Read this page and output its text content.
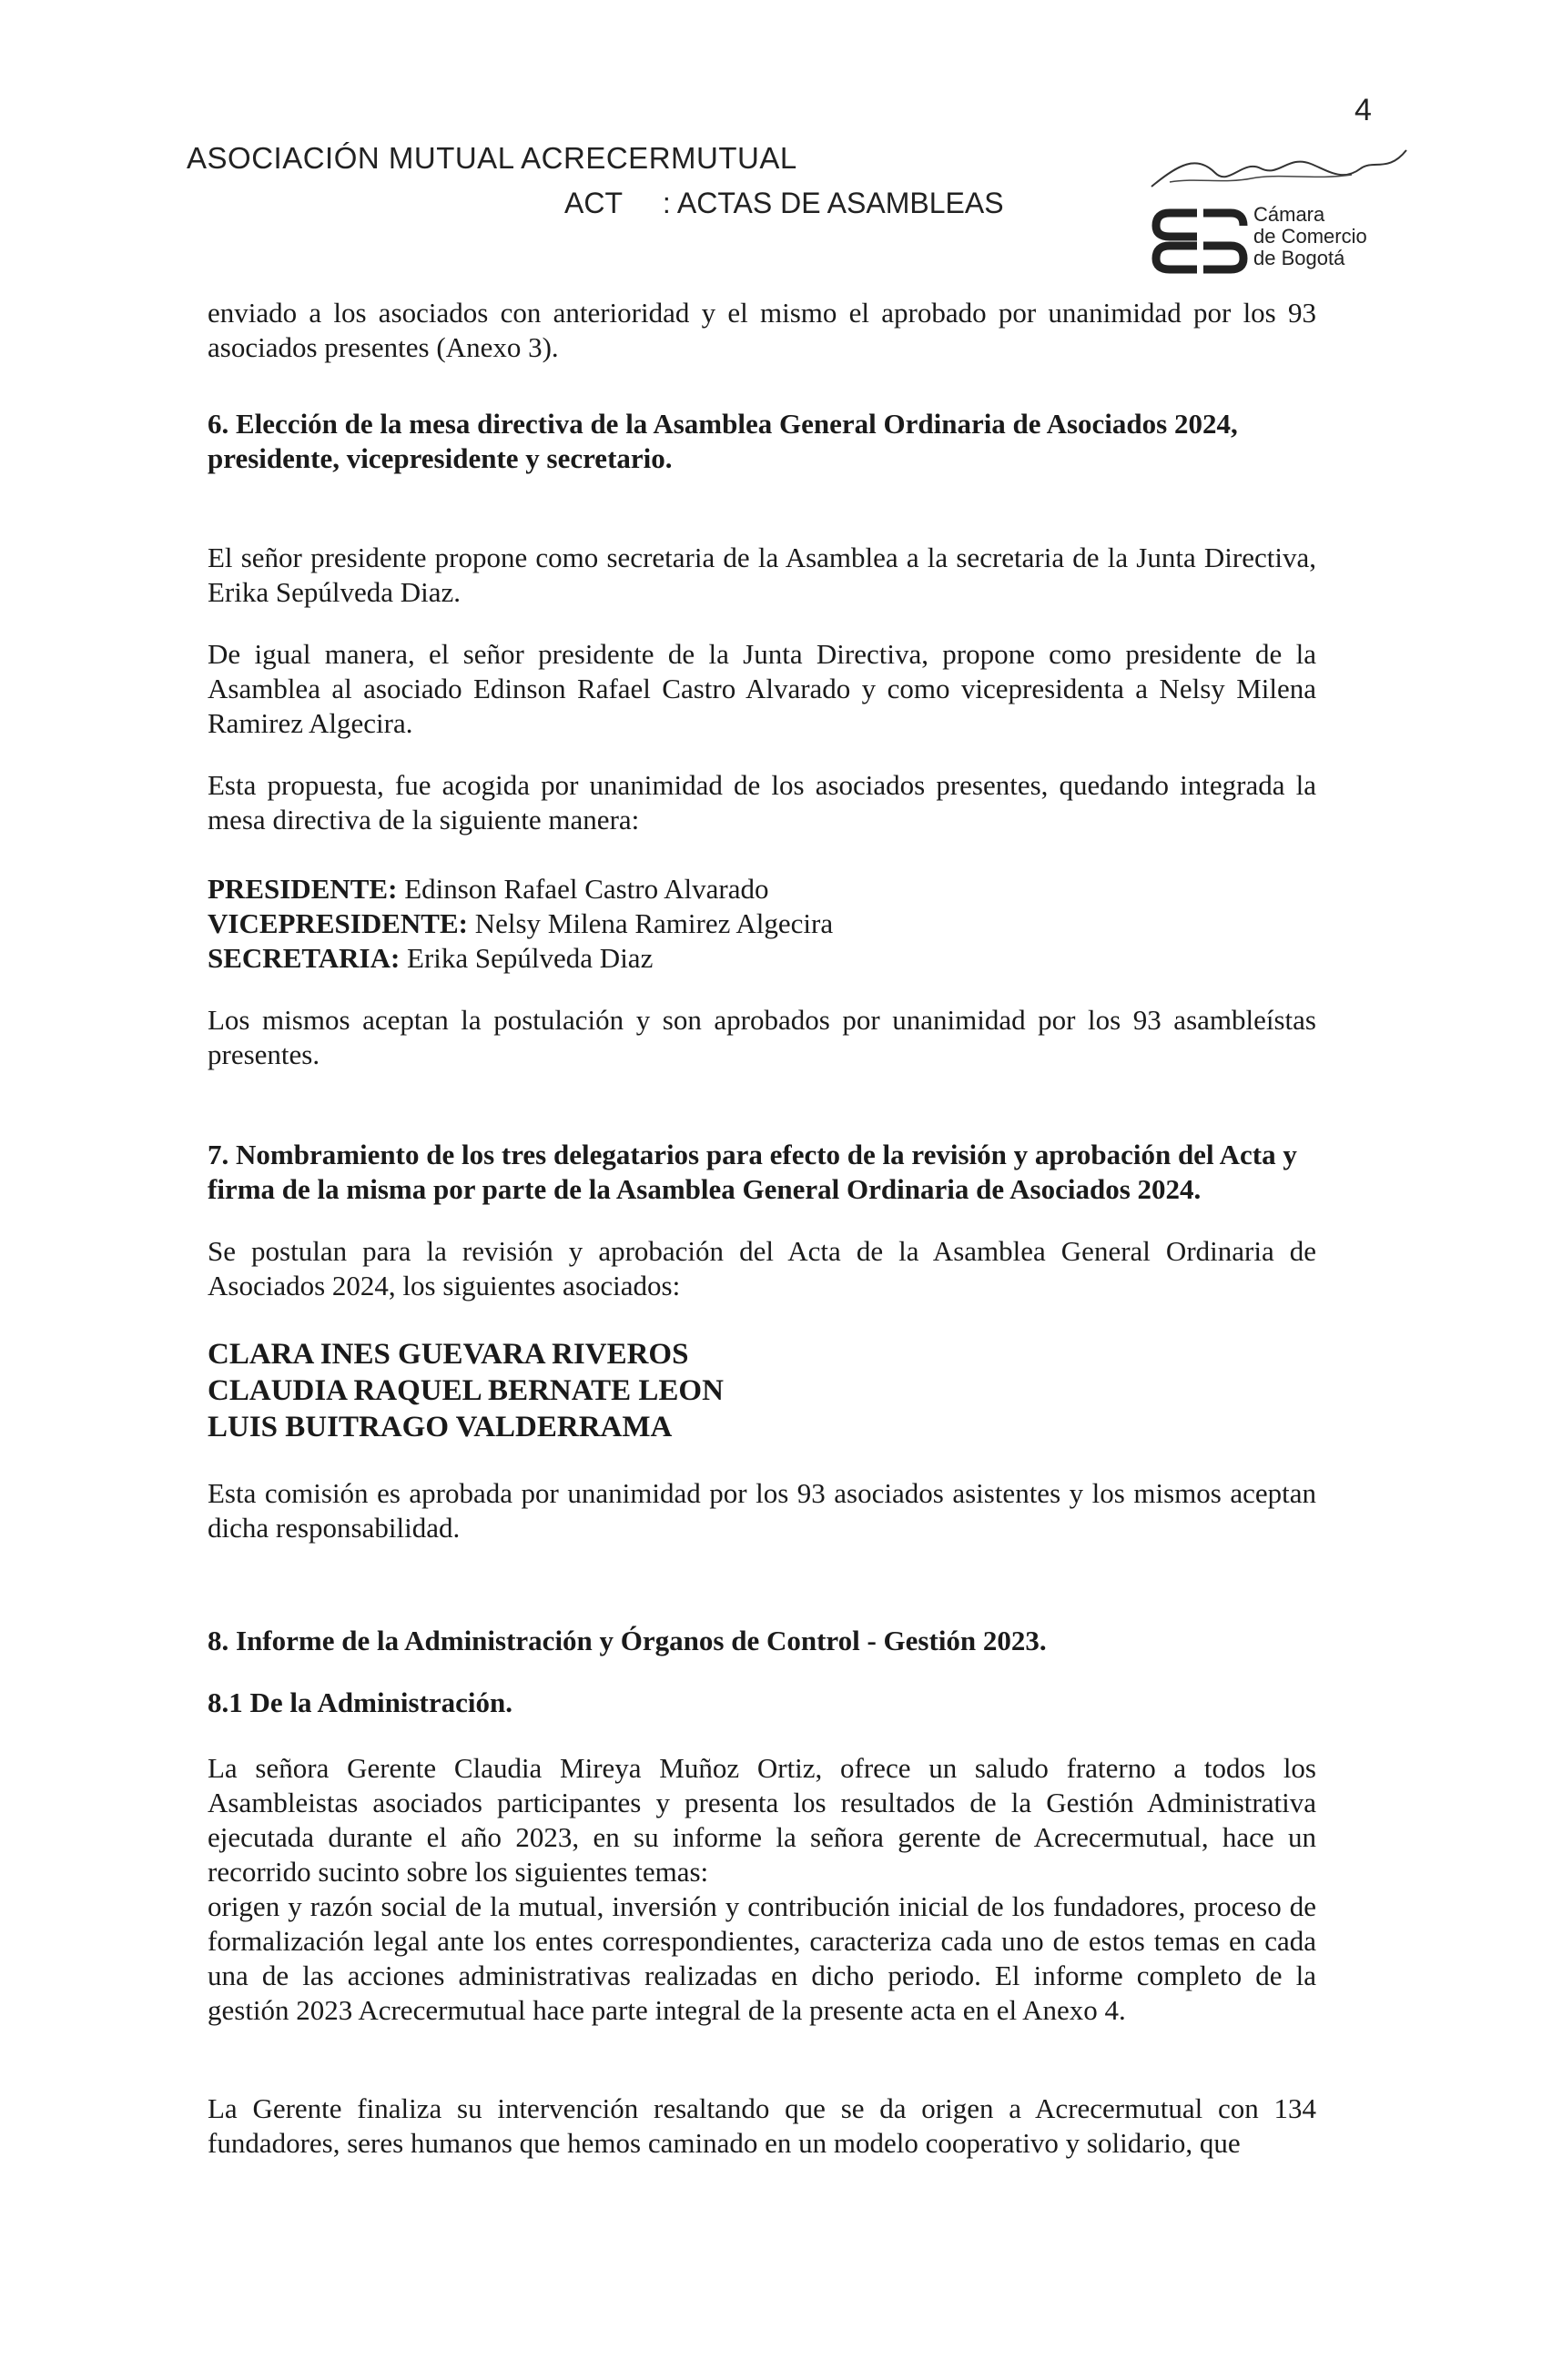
4
ASOCIACIÓN MUTUAL ACRECERMUTUAL
ACT : ACTAS DE ASAMBLEAS	Cámara
de Comercio
de Bogotá

enviado a los asociados con anterioridad y el mismo el aprobado por unanimidad por los 93 asociados presentes (Anexo 3).

6. Elección de la mesa directiva de la Asamblea General Ordinaria de Asociados 2024, presidente, vicepresidente y secretario.

El señor presidente propone como secretaria de la Asamblea a la secretaria de la Junta Directiva, Erika Sepúlveda Diaz.

De igual manera, el señor presidente de la Junta Directiva, propone como presidente de la Asamblea al asociado Edinson Rafael Castro Alvarado y como vicepresidenta a Nelsy Milena Ramirez Algecira.

Esta propuesta, fue acogida por unanimidad de los asociados presentes, quedando integrada la mesa directiva de la siguiente manera:

PRESIDENTE: Edinson Rafael Castro Alvarado

VICEPRESIDENTE: Nelsy Milena Ramirez Algecira

SECRETARIA: Erika Sepúlveda Diaz

Los mismos aceptan la postulación y son aprobados por unanimidad por los 93 asambleístas presentes.

7. Nombramiento de los tres delegatarios para efecto de la revisión y aprobación del Acta y firma de la misma por parte de la Asamblea General Ordinaria de Asociados 2024.

Se postulan para la revisión y aprobación del Acta de la Asamblea General Ordinaria de Asociados 2024, los siguientes asociados:

CLARA INES GUEVARA RIVEROS

CLAUDIA RAQUEL BERNATE LEON

LUIS BUITRAGO VALDERRAMA

Esta comisión es aprobada por unanimidad por los 93 asociados asistentes y los mismos aceptan dicha responsabilidad.

8. Informe de la Administración y Órganos de Control - Gestión 2023.
8.1 De la Administración.

La señora Gerente Claudia Mireya Muñoz Ortiz, ofrece un saludo fraterno a todos los Asambleistas asociados participantes y presenta los resultados de la Gestión Administrativa ejecutada durante el año 2023, en su informe la señora gerente de Acrecermutual, hace un recorrido sucinto sobre los siguientes temas:

origen y razón social de la mutual, inversión y contribución inicial de los fundadores, proceso de formalización legal ante los entes correspondientes, caracteriza cada uno de estos temas en cada una de las acciones administrativas realizadas en dicho periodo. El informe completo de la gestión 2023 Acrecermutual hace parte integral de la presente acta en el Anexo 4.

La Gerente finaliza su intervención resaltando que se da origen a Acrecermutual con 134 fundadores, seres humanos que hemos caminado en un modelo cooperativo y solidario, que
